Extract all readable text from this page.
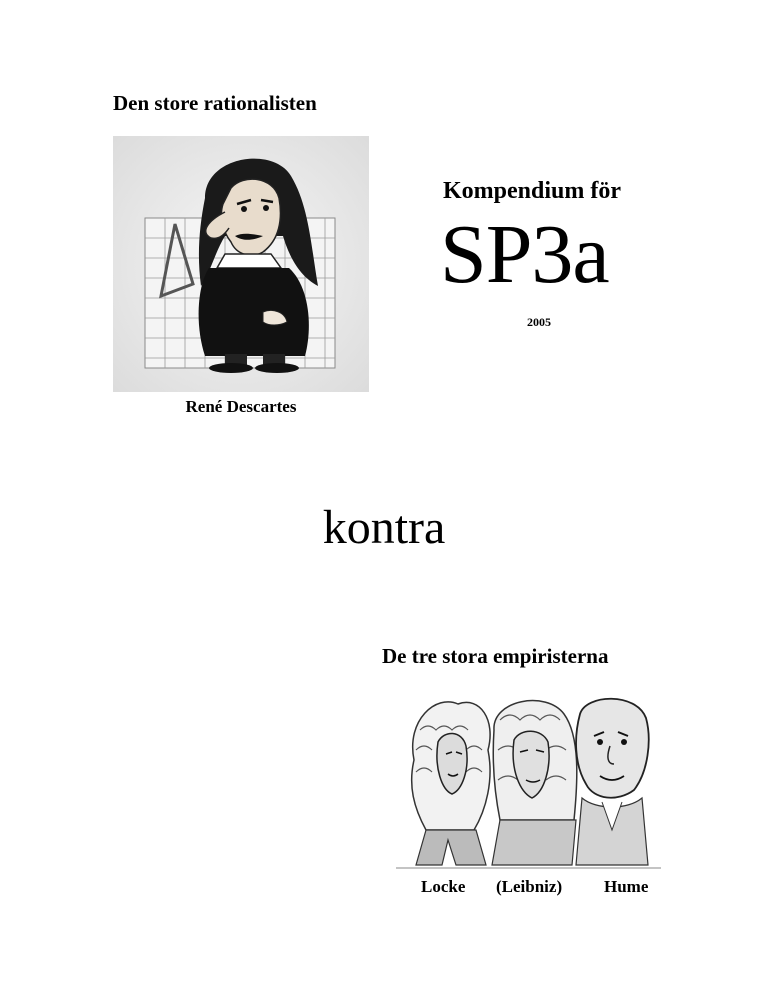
Den store rationalisten
René Descartes
Kompendium för
SP3a
2005
kontra
De tre stora empiristerna
Locke (Leibniz) Hume
